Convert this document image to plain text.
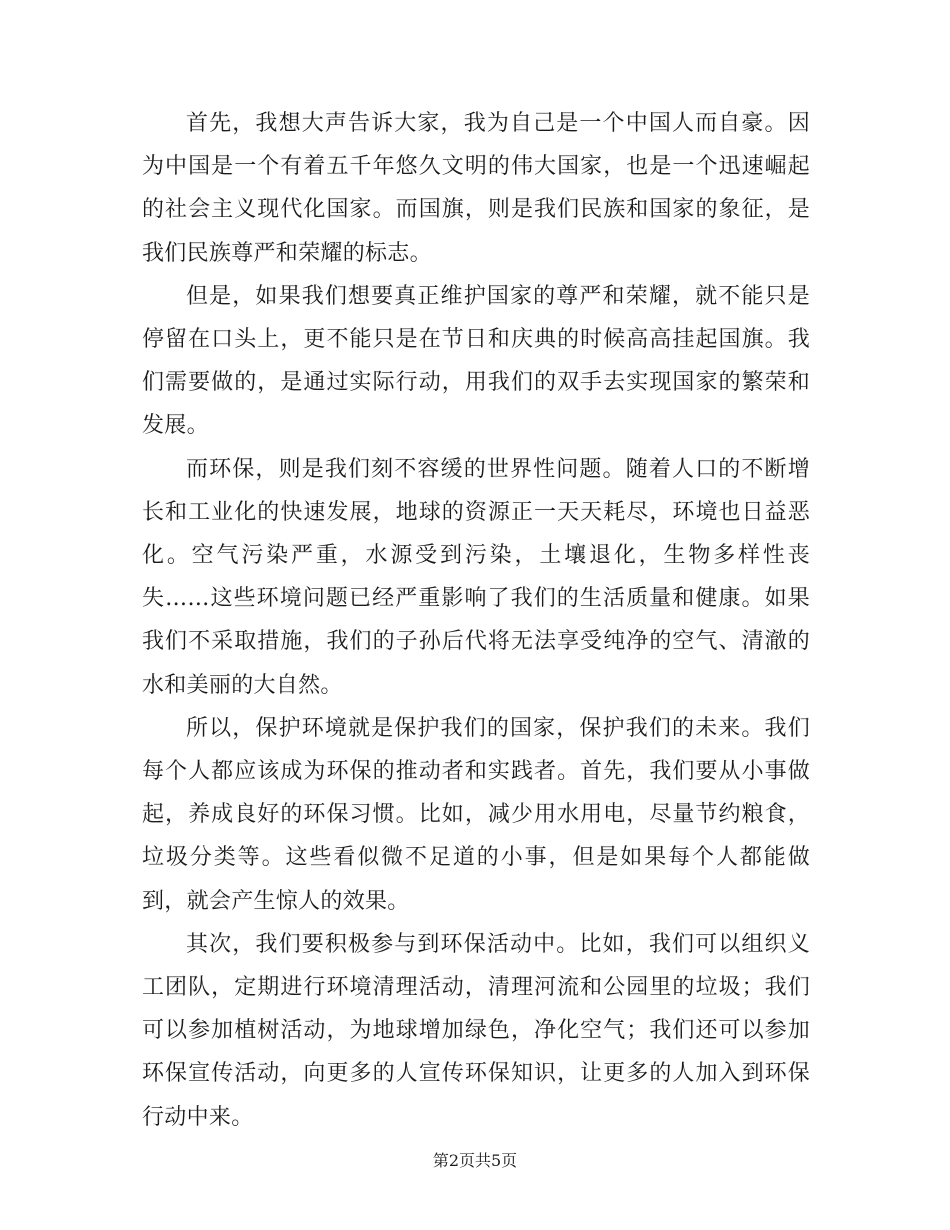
首先，我想大声告诉大家，我为自己是一个中国人而自豪。因为中国是一个有着五千年悠久文明的伟大国家，也是一个迅速崛起的社会主义现代化国家。而国旗，则是我们民族和国家的象征，是我们民族尊严和荣耀的标志。

但是，如果我们想要真正维护国家的尊严和荣耀，就不能只是停留在口头上，更不能只是在节日和庆典的时候高高挂起国旗。我们需要做的，是通过实际行动，用我们的双手去实现国家的繁荣和发展。

而环保，则是我们刻不容缓的世界性问题。随着人口的不断增长和工业化的快速发展，地球的资源正一天天耗尽，环境也日益恶化。空气污染严重，水源受到污染，土壤退化，生物多样性丧失……这些环境问题已经严重影响了我们的生活质量和健康。如果我们不采取措施，我们的子孙后代将无法享受纯净的空气、清澈的水和美丽的大自然。

所以，保护环境就是保护我们的国家，保护我们的未来。我们每个人都应该成为环保的推动者和实践者。首先，我们要从小事做起，养成良好的环保习惯。比如，减少用水用电，尽量节约粮食，垃圾分类等。这些看似微不足道的小事，但是如果每个人都能做到，就会产生惊人的效果。

其次，我们要积极参与到环保活动中。比如，我们可以组织义工团队，定期进行环境清理活动，清理河流和公园里的垃圾；我们可以参加植树活动，为地球增加绿色，净化空气；我们还可以参加环保宣传活动，向更多的人宣传环保知识，让更多的人加入到环保行动中来。

第2页共5页
